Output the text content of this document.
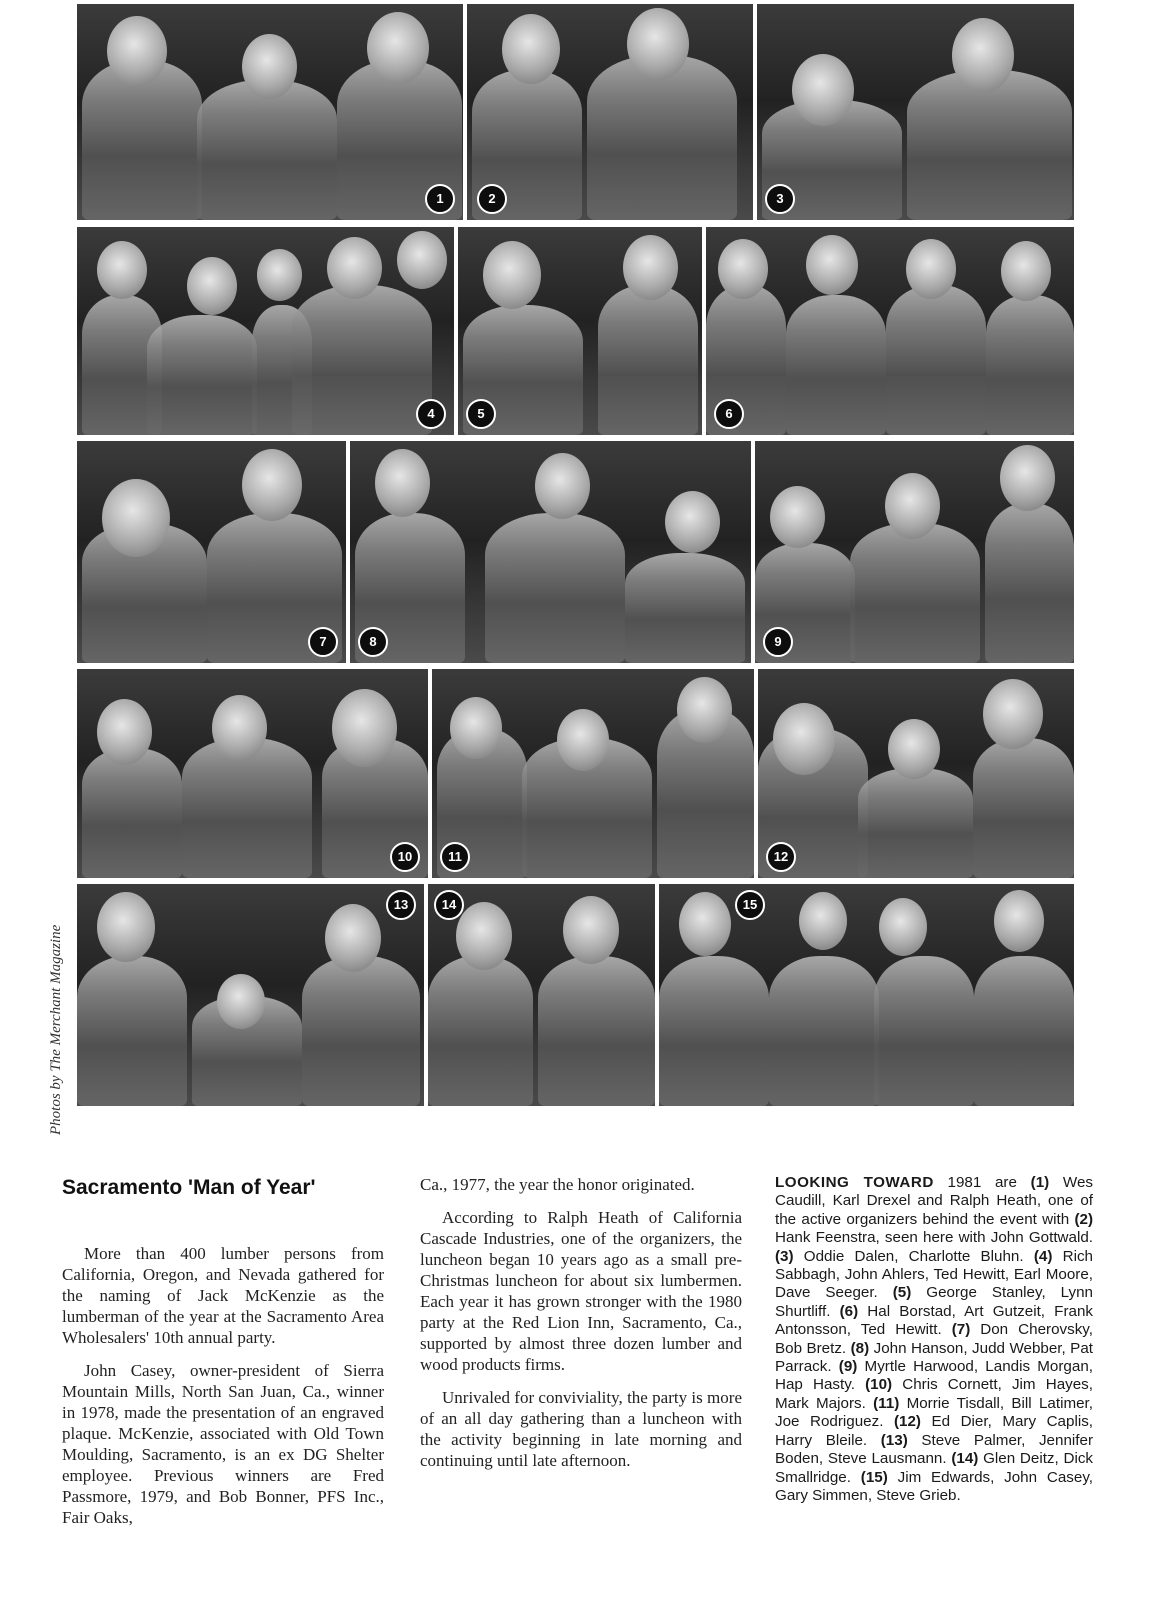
1	2	3
4	5	6
7	8	9
10	11	12
13	14	15
Photos by The Merchant Magazine
Sacramento 'Man of Year'

More than 400 lumber persons from California, Oregon, and Nevada gathered for the naming of Jack McKenzie as the lumberman of the year at the Sacramento Area Wholesalers' 10th annual party.

John Casey, owner-president of Sierra Mountain Mills, North San Juan, Ca., winner in 1978, made the presentation of an engraved plaque. McKenzie, associated with Old Town Moulding, Sacramento, is an ex DG Shelter employee. Previous winners are Fred Passmore, 1979, and Bob Bonner, PFS Inc., Fair Oaks,

Ca., 1977, the year the honor originated.

According to Ralph Heath of California Cascade Industries, one of the organizers, the luncheon began 10 years ago as a small pre-Christmas luncheon for about six lumbermen. Each year it has grown stronger with the 1980 party at the Red Lion Inn, Sacramento, Ca., supported by almost three dozen lumber and wood products firms.

Unrivaled for conviviality, the party is more of an all day gathering than a luncheon with the activity beginning in late morning and continuing until late afternoon.

LOOKING TOWARD 1981 are (1) Wes Caudill, Karl Drexel and Ralph Heath, one of the active organizers behind the event with (2) Hank Feenstra, seen here with John Gottwald. (3) Oddie Dalen, Charlotte Bluhn. (4) Rich Sabbagh, John Ahlers, Ted Hewitt, Earl Moore, Dave Seeger. (5) George Stanley, Lynn Shurtliff. (6) Hal Borstad, Art Gutzeit, Frank Antonsson, Ted Hewitt. (7) Don Cherovsky, Bob Bretz. (8) John Hanson, Judd Webber, Pat Parrack. (9) Myrtle Harwood, Landis Morgan, Hap Hasty. (10) Chris Cornett, Jim Hayes, Mark Majors. (11) Morrie Tisdall, Bill Latimer, Joe Rodriguez. (12) Ed Dier, Mary Caplis, Harry Bleile. (13) Steve Palmer, Jennifer Boden, Steve Lausmann. (14) Glen Deitz, Dick Smallridge. (15) Jim Edwards, John Casey, Gary Simmen, Steve Grieb.
